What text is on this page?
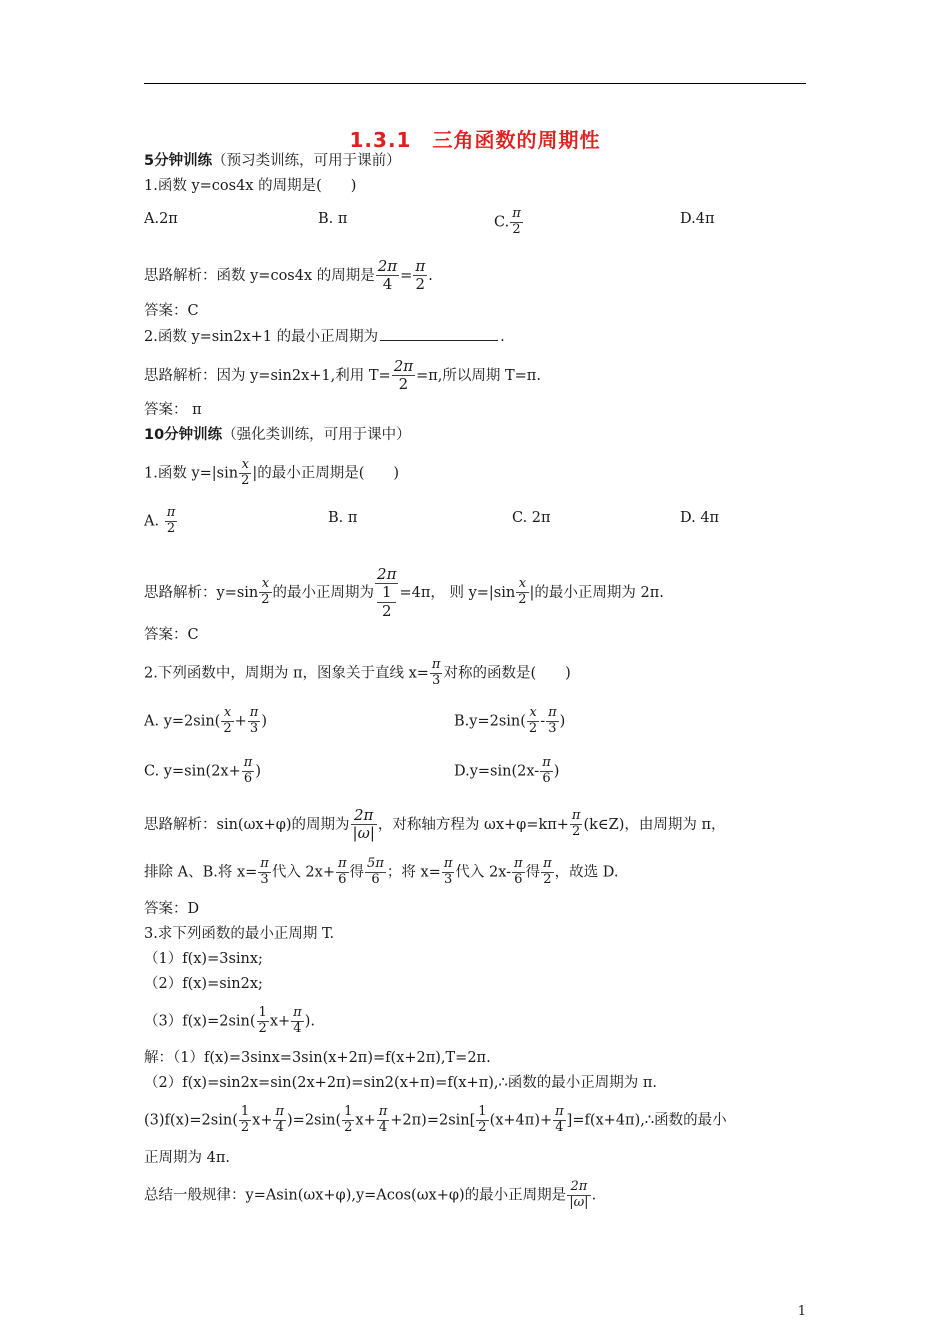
1.3.1　三角函数的周期性
5分钟训练（预习类训练，可用于课前）
1.函数 y=cos4x 的周期是(　　)
A.2π	B. π	C. $\frac{\pi}{2}$	D.4π
思路解析：函数 y=cos4x 的周期是 $\frac{2\pi}{4} = \frac{\pi}{2}$ .
答案：C
2.函数 y=sin2x+1 的最小正周期为	.
思路解析：因为 y=sin2x+1,利用 $T= \frac{2\pi}{2} =\pi$,所以周期 T=π.
答案： π
10分钟训练（强化类训练，可用于课中）
1.函数 $y=|\sin \frac{x}{2}$ |的最小正周期是(　　)
A. $\frac{\pi}{2}$	B. π	C. 2π	D. 4π
思路解析：$y=\sin \frac{x}{2}$ 的最小正周期为 2π
1
2 =4π， 则 $y=|\sin \frac{x}{2}$ |的最小正周期为 2π.
答案：C
2.下列函数中，周期为 π，图象关于直线 $x= \frac{\pi}{3}$ 对称的函数是(　　)
A. $y=2\sin( \frac{x}{2} + \frac{\pi}{3}$ )	$B.y=2\sin( \frac{x}{2} - \frac{\pi}{3}$ )
C. $y=\sin(2x+ \frac{\pi}{6}$ )	$D.y=\sin(2x- \frac{\pi}{6}$ )
思路解析：sin(ωx+φ)的周期为 $\frac{2\pi}{|\omega|}$ ，对称轴方程为 $\omega x+\varphi=k\pi+ \frac{\pi}{2}$ (k∈Z)，由周期为 π，
排除 A、B.将 $x= \frac{\pi}{3}$ 代入 $2x+ \frac{\pi}{6}$ 得 $\frac{5\pi}{6}$ ；将 $x= \frac{\pi}{3}$ 代入 $2x- \frac{\pi}{6}$ 得 $\frac{\pi}{2}$ ，故选 D.
答案：D
3.求下列函数的最小正周期 T.
（1）f(x)=3sinx;
（2）f(x)=sin2x;
$(3)f(x)=2\sin( \frac{1}{2} x+ \frac{\pi}{4}$ ).
解：（1）f(x)=3sinx=3sin(x+2π)=f(x+2π),T=2π.
（2）f(x)=sin2x=sin(2x+2π)=sin2(x+π)=f(x+π),∴函数的最小正周期为 π.
$(3)f(x)=2\sin( \frac{1}{2} x+ \frac{\pi}{4} )=2\sin( \frac{1}{2} x+ \frac{\pi}{4} +2\pi)=2\sin[ \frac{1}{2} (x+4\pi)+ \frac{\pi}{4}$ ]=f(x+4π),∴函数的最小
正周期为 4π.
总结一般规律：y=Asin(ωx+φ),y=Acos(ωx+φ)的最小正周期是 $\frac{2\pi}{|\omega|}$ .
1
